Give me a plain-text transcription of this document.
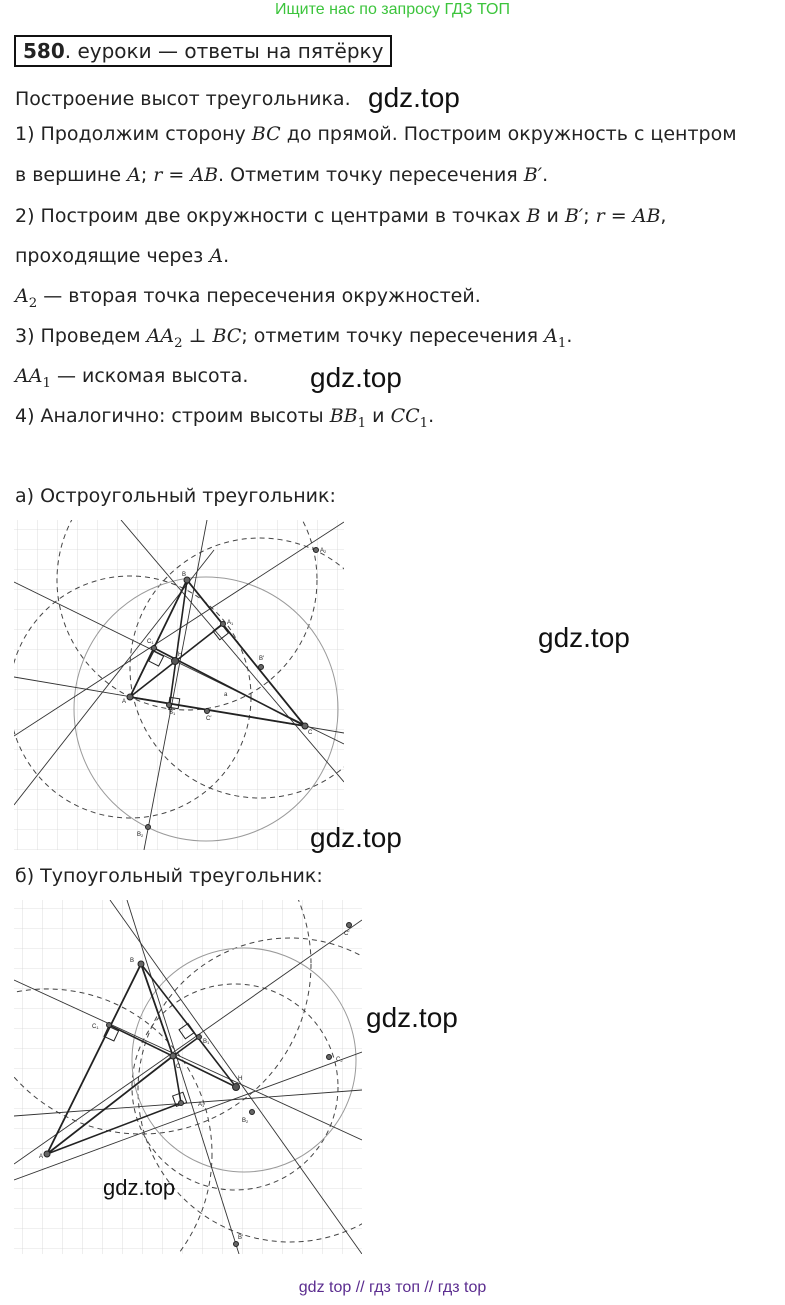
Ищите нас по запросу ГДЗ ТОП
580. еуроки — ответы на пятёрку
Построение высот треугольника. gdz.top
1) Продолжим сторону BC до прямой. Построим окружность с центром
в вершине A; r = AB. Отметим точку пересечения B′.
2) Построим две окружности с центрами в точках B и B′; r = AB,
проходящие через A.
$A_2$ — вторая точка пересечения окружностей.
3) Проведем $AA_2$ ⊥ BC; отметим точку пересечения $A_1$.
$AA_1$ — искомая высота. gdz.top
4) Аналогично: строим высоты $BB_1$ и $CC_1$.
а) Остроугольный треугольник:
A
B
C
H
A1
B1
C1
A2
B2
B′
C′
a
gdz.top
gdz.top
б) Тупоугольный треугольник:
A
B
C
H
A1
B1
C1
B2
C2
C′
B′
gdz.top
gdz.top
gdz top // гдз топ // гдз top
